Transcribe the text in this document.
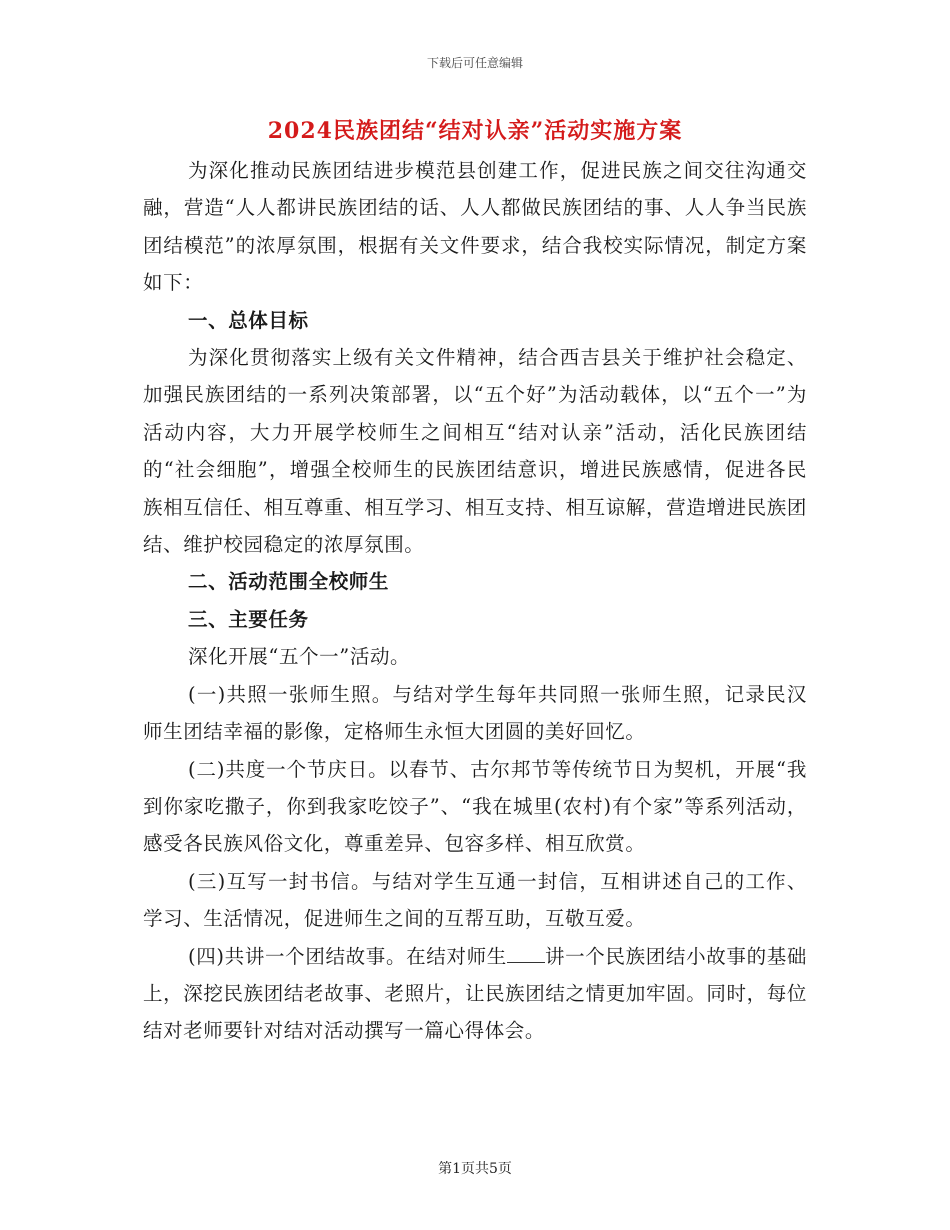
下载后可任意编辑
2024民族团结“结对认亲”活动实施方案

为深化推动民族团结进步模范县创建工作，促进民族之间交往沟通交融，营造“人人都讲民族团结的话、人人都做民族团结的事、人人争当民族团结模范”的浓厚氛围，根据有关文件要求，结合我校实际情况，制定方案如下：

一、总体目标

为深化贯彻落实上级有关文件精神，结合西吉县关于维护社会稳定、加强民族团结的一系列决策部署，以“五个好”为活动载体，以“五个一”为活动内容，大力开展学校师生之间相互“结对认亲”活动，活化民族团结的“社会细胞”，增强全校师生的民族团结意识，增进民族感情，促进各民族相互信任、相互尊重、相互学习、相互支持、相互谅解，营造增进民族团结、维护校园稳定的浓厚氛围。

二、活动范围全校师生

三、主要任务

深化开展“五个一”活动。

(一)共照一张师生照。与结对学生每年共同照一张师生照，记录民汉师生团结幸福的影像，定格师生永恒大团圆的美好回忆。

(二)共度一个节庆日。以春节、古尔邦节等传统节日为契机，开展“我到你家吃撒子，你到我家吃饺子”、“我在城里(农村)有个家”等系列活动，感受各民族风俗文化，尊重差异、包容多样、相互欣赏。

(三)互写一封书信。与结对学生互通一封信，互相讲述自己的工作、学习、生活情况，促进师生之间的互帮互助，互敬互爱。

(四)共讲一个团结故事。在结对师生 讲一个民族团结小故事的基础上，深挖民族团结老故事、老照片，让民族团结之情更加牢固。同时，每位结对老师要针对结对活动撰写一篇心得体会。

第1页共5页
